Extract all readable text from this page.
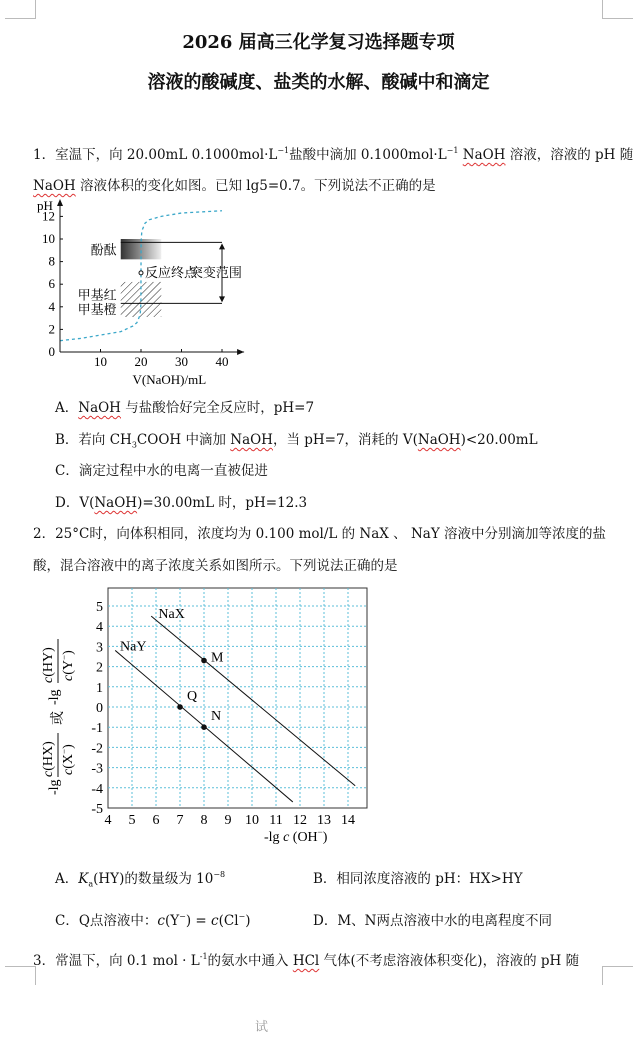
2026 届高三化学复习选择题专项
溶液的酸碱度、盐类的水解、酸碱中和滴定
1．室温下，向 20.00mL $0.1000mol\cdot L^{-1}$盐酸中滴加 $0.1000mol\cdot L^{-1}$ NaOH 溶液，溶液的 pH 随
NaOH 溶液体积的变化如图。已知 lg5=0.7。下列说法不正确的是
10 20 30 40
0
2
4
6
8
10
12
pH
V(NaOH)/mL
酚酞
甲基红
甲基橙
反应终点
突变范围
A．NaOH 与盐酸恰好完全反应时，pH=7
B．若向 $CH_3COOH$ 中滴加 NaOH，当 pH=7，消耗的 V(NaOH)<20.00mL
C．滴定过程中水的电离一直被促进
D．V(NaOH)=30.00mL 时，pH=12.3
2．25°C时，向体积相同，浓度均为 0.100 mol/L 的 NaX 、 NaY 溶液中分别滴加等浓度的盐
酸，混合溶液中的离子浓度关系如图所示。下列说法正确的是
4 5 6 7 8 9 10 11 12 13 14
5
4
3
2
1
0
-1
-2
-3
-4
-5
NaX
NaY
M
Q
N
-lg c (OH−)
-lg
c(HX)
c(X−)
或
-lg
c(HY)
c(Y−)
A．$K_a(HY)$的数量级为 $10^{-8}$	B．相同浓度溶液的 pH：HX>HY
C．Q点溶液中：c(Y−) = c(Cl−)	D．M、N两点溶液中水的电离程度不同
3．常温下，向 0.1 mol · $L^{-1}$的氨水中通入 HCl 气体(不考虑溶液体积变化)，溶液的 pH 随
试
